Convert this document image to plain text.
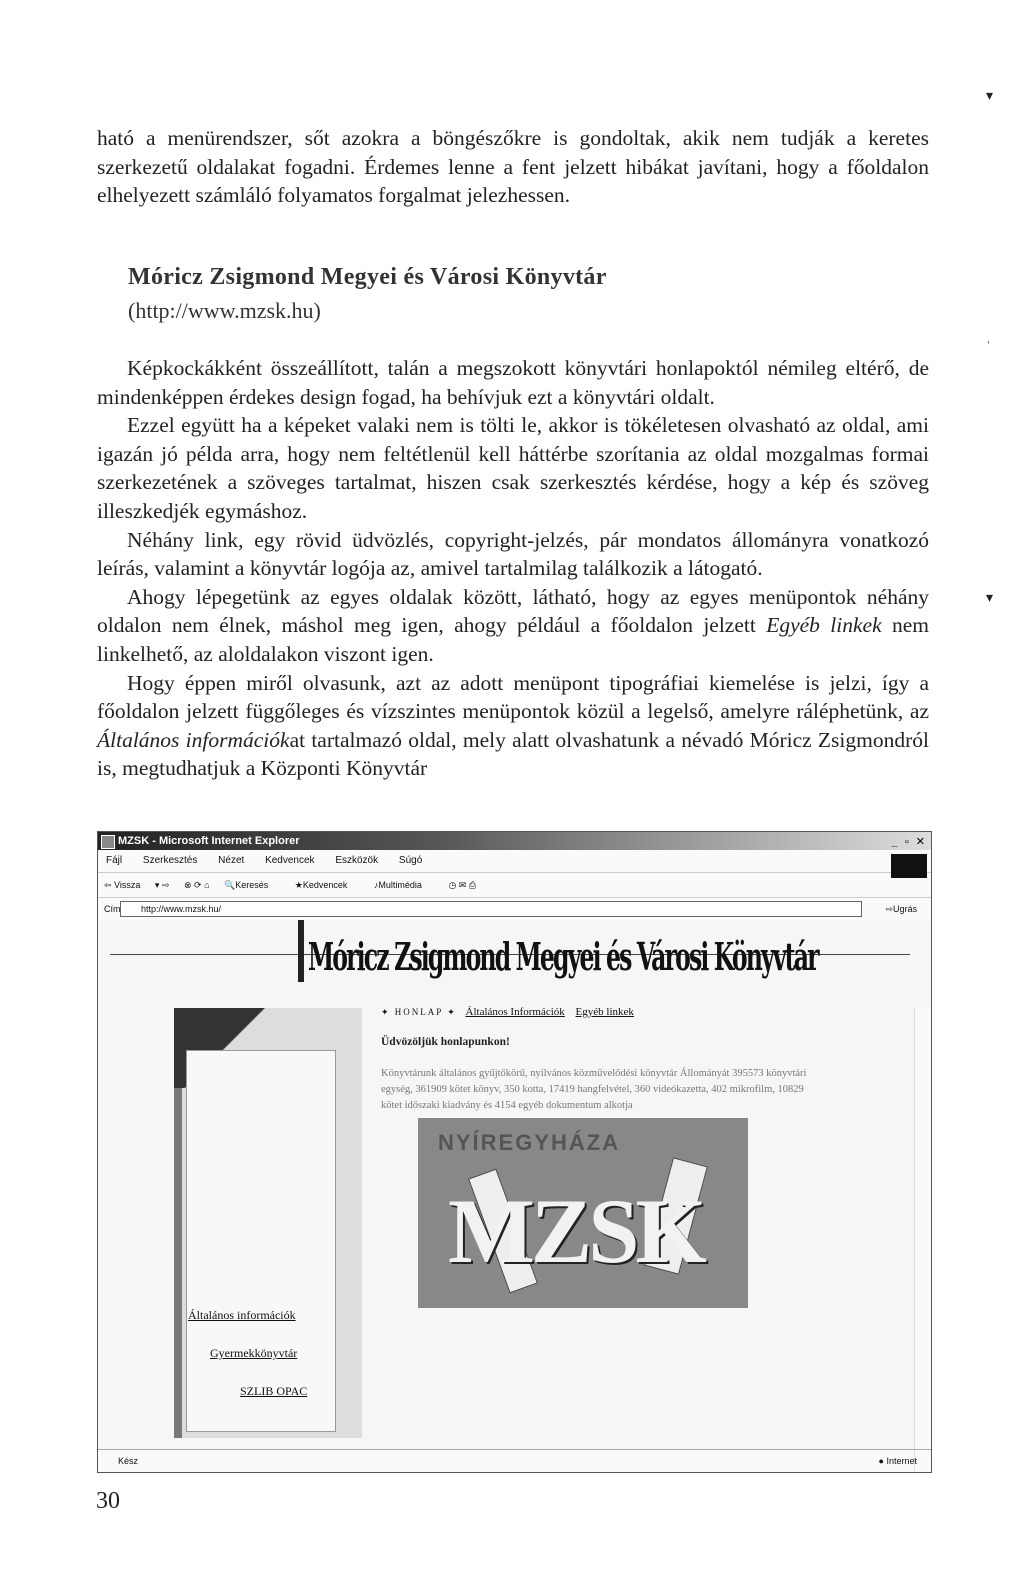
ható a menürendszer, sőt azokra a böngészőkre is gondoltak, akik nem tudják a keretes szerkezetű oldalakat fogadni. Érdemes lenne a fent jelzett hibákat javítani, hogy a főoldalon elhelyezett számláló folyamatos forgalmat jelezhessen.
Móricz Zsigmond Megyei és Városi Könyvtár
(http://www.mzsk.hu)

Képkockákként összeállított, talán a megszokott könyvtári honlapoktól némileg eltérő, de mindenképpen érdekes design fogad, ha behívjuk ezt a könyvtári oldalt.

Ezzel együtt ha a képeket valaki nem is tölti le, akkor is tökéletesen olvasható az oldal, ami igazán jó példa arra, hogy nem feltétlenül kell háttérbe szorítania az oldal mozgalmas formai szerkezetének a szöveges tartalmat, hiszen csak szerkesztés kérdése, hogy a kép és szöveg illeszkedjék egymáshoz.

Néhány link, egy rövid üdvözlés, copyright-jelzés, pár mondatos állományra vonatkozó leírás, valamint a könyvtár logója az, amivel tartalmilag találkozik a látogató.

Ahogy lépegetünk az egyes oldalak között, látható, hogy az egyes menüpontok néhány oldalon nem élnek, máshol meg igen, ahogy például a főoldalon jelzett Egyéb linkek nem linkelhető, az aloldalakon viszont igen.

Hogy éppen miről olvasunk, azt az adott menüpont tipográfiai kiemelése is jelzi, így a főoldalon jelzett függőleges és vízszintes menüpontok közül a legelső, amelyre ráléphetünk, az Általános információkat tartalmazó oldal, mely alatt olvashatunk a névadó Móricz Zsigmondról is, megtudhatjuk a Központi Könyvtár

▾
ˈ
▾
MZSK - Microsoft Internet Explorer	_ ▫ ✕
Fájl Szerkesztés Nézet Kedvencek Eszközök Súgó
⇦ Vissza ▾ ⇨ ⊗ ⟳ ⌂ 🔍Keresés	★Kedvencek	♪Multimédia	◷ ✉ ⎙
Cím	http://www.mzsk.hu/	⇨Ugrás
Móricz Zsigmond Megyei és Városi Könyvtár
Általános információk
Gyermekkönyvtár
SZLIB OPAC
✦ HONLAP ✦ Általános Információk Egyéb linkek
Üdvözöljük honlapunkon!
Könyvtárunk általános gyűjtőkörű, nyilvános közművelődési könyvtár Állományát 395573 könyvtári egység, 361909 kötet könyv, 350 kotta, 17419 hangfelvétel, 360 videókazetta, 402 mikrofilm, 10829 kötet időszaki kiadvány és 4154 egyéb dokumentum alkotja
NYÍREGYHÁZA
MZSK
Kész	● Internet
30
